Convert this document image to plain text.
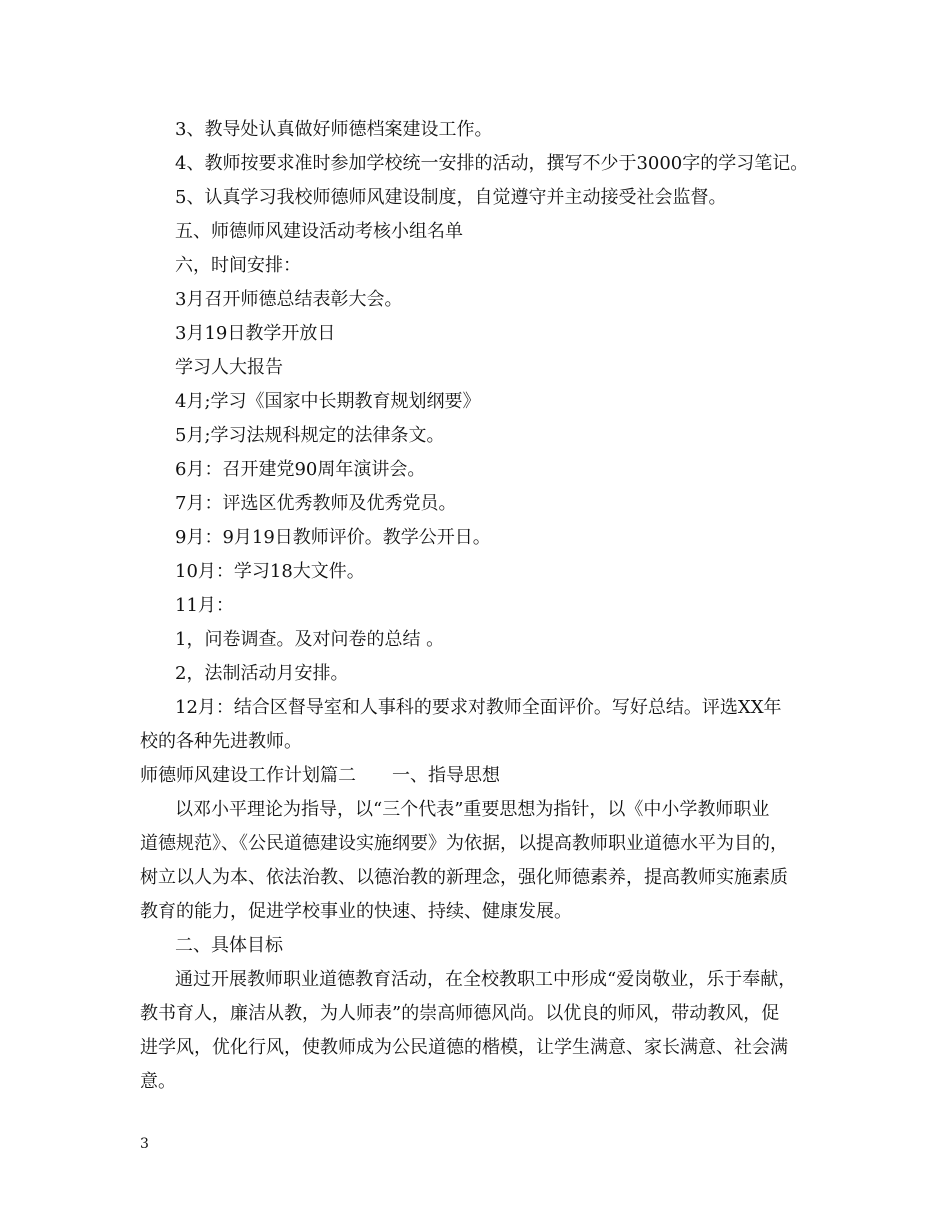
3、教导处认真做好师德档案建设工作。
4、教师按要求准时参加学校统一安排的活动，撰写不少于3000字的学习笔记。
5、认真学习我校师德师风建设制度，自觉遵守并主动接受社会监督。
五、师德师风建设活动考核小组名单
六，时间安排：
3月召开师德总结表彰大会。
3月19日教学开放日
学习人大报告
4月;学习《国家中长期教育规划纲要》
5月;学习法规科规定的法律条文。
6月：召开建党90周年演讲会。
7月：评选区优秀教师及优秀党员。
9月：9月19日教师评价。教学公开日。
10月：学习18大文件。
11月：
1，问卷调查。及对问卷的总结 。
2，法制活动月安排。
12月：结合区督导室和人事科的要求对教师全面评价。写好总结。评选XX年
校的各种先进教师。
师德师风建设工作计划篇二　　一、指导思想
以邓小平理论为指导，以“三个代表”重要思想为指针，以《中小学教师职业
道德规范》、《公民道德建设实施纲要》为依据，以提高教师职业道德水平为目的，
树立以人为本、依法治教、以德治教的新理念，强化师德素养，提高教师实施素质
教育的能力，促进学校事业的快速、持续、健康发展。
二、具体目标
通过开展教师职业道德教育活动，在全校教职工中形成“爱岗敬业，乐于奉献，
教书育人，廉洁从教，为人师表”的崇高师德风尚。以优良的师风，带动教风，促
进学风，优化行风，使教师成为公民道德的楷模，让学生满意、家长满意、社会满
意。
3
